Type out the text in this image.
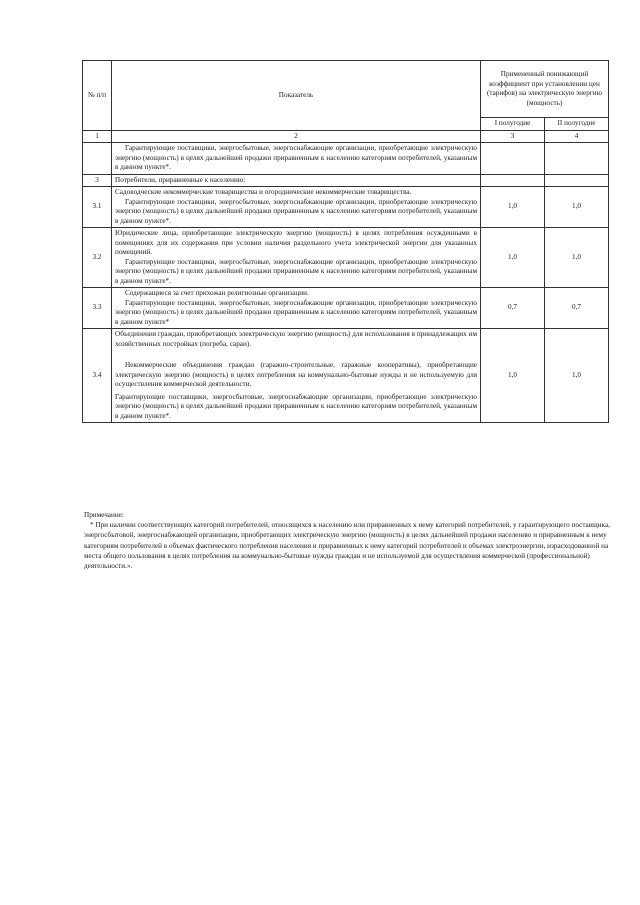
№ п/п	Показатель	Примененный понижающий коэффициент при установлении цен (тарифов) на электрическую энергию (мощность)	
		I полугодие	II полугодие
1	2	3	4

	Гарантирующие поставщики, энергосбытовые, энергоснабжающие организации, приобретающие электрическую энергию (мощность) в целях дальнейшей продажи приравненным к населению категориям потребителей, указанным в данном пункте*.		

3	Потребители, приравненные к населению:		

3.1	Садоводческие некоммерческие товарищества и огороднические некоммерческие товарищества.

Гарантирующие поставщики, энергосбытовые, энергоснабжающие организации, приобретающие электрическую энергию (мощность) в целях дальнейшей продажи приравненным к населению категориям потребителей, указанным в данном пункте*.	1,0	1,0
3.2	Юридические лица, приобретающие электрическую энергию (мощность) в целях потребления осужденными в помещениях для их содержания при условии наличия раздельного учета электрической энергии для указанных помещений.

Гарантирующие поставщики, энергосбытовые, энергоснабжающие организации, приобретающие электрическую энергию (мощность) в целях дальнейшей продажи приравненным к населению категориям потребителей, указанным в данном пункте*.	1,0	1,0
3.3	Содержащиеся за счет прихожан религиозные организации.

Гарантирующие поставщики, энергосбытовые, энергоснабжающие организации, приобретающие электрическую энергию (мощность) в целях дальнейшей продажи приравненным к населению категориям потребителей, указанным в данном пункте*	0,7	0,7
3.4	Объединения граждан, приобретающих электрическую энергию (мощность) для использования в принадлежащих им хозяйственных постройках (погреба, сараи).

Некоммерческие объединения граждан (гаражно-строительные, гаражные кооперативы), приобретающие электрическую энергию (мощность) в целях потребления на коммунально-бытовые нужды и не используемую для осуществления коммерческой деятельности.

Гарантирующие поставщики, энергосбытовые, энергоснабжающие организации, приобретающие электрическую энергию (мощность) в целях дальнейшей продажи приравненным к населению категориям потребителей, указанным в данном пункте*.	1,0	1,0

Примечание:

* При наличии соответствующих категорий потребителей, относящихся к населению или приравненных к нему категорий потребителей, у гарантирующего поставщика, энергосбытовой, энергоснабжающей организации, приобретающих электрическую энергию (мощность) в целях дальнейшей продажи населению и приравненным к нему категориям потребителей в объемах фактического потребления населения и приравненных к нему категорий потребителей и объемах электроэнергии, израсходованной на места общего пользования в целях потребления на коммунально-бытовые нужды граждан и не используемой для осуществления коммерческой (профессиональной) деятельности.».
